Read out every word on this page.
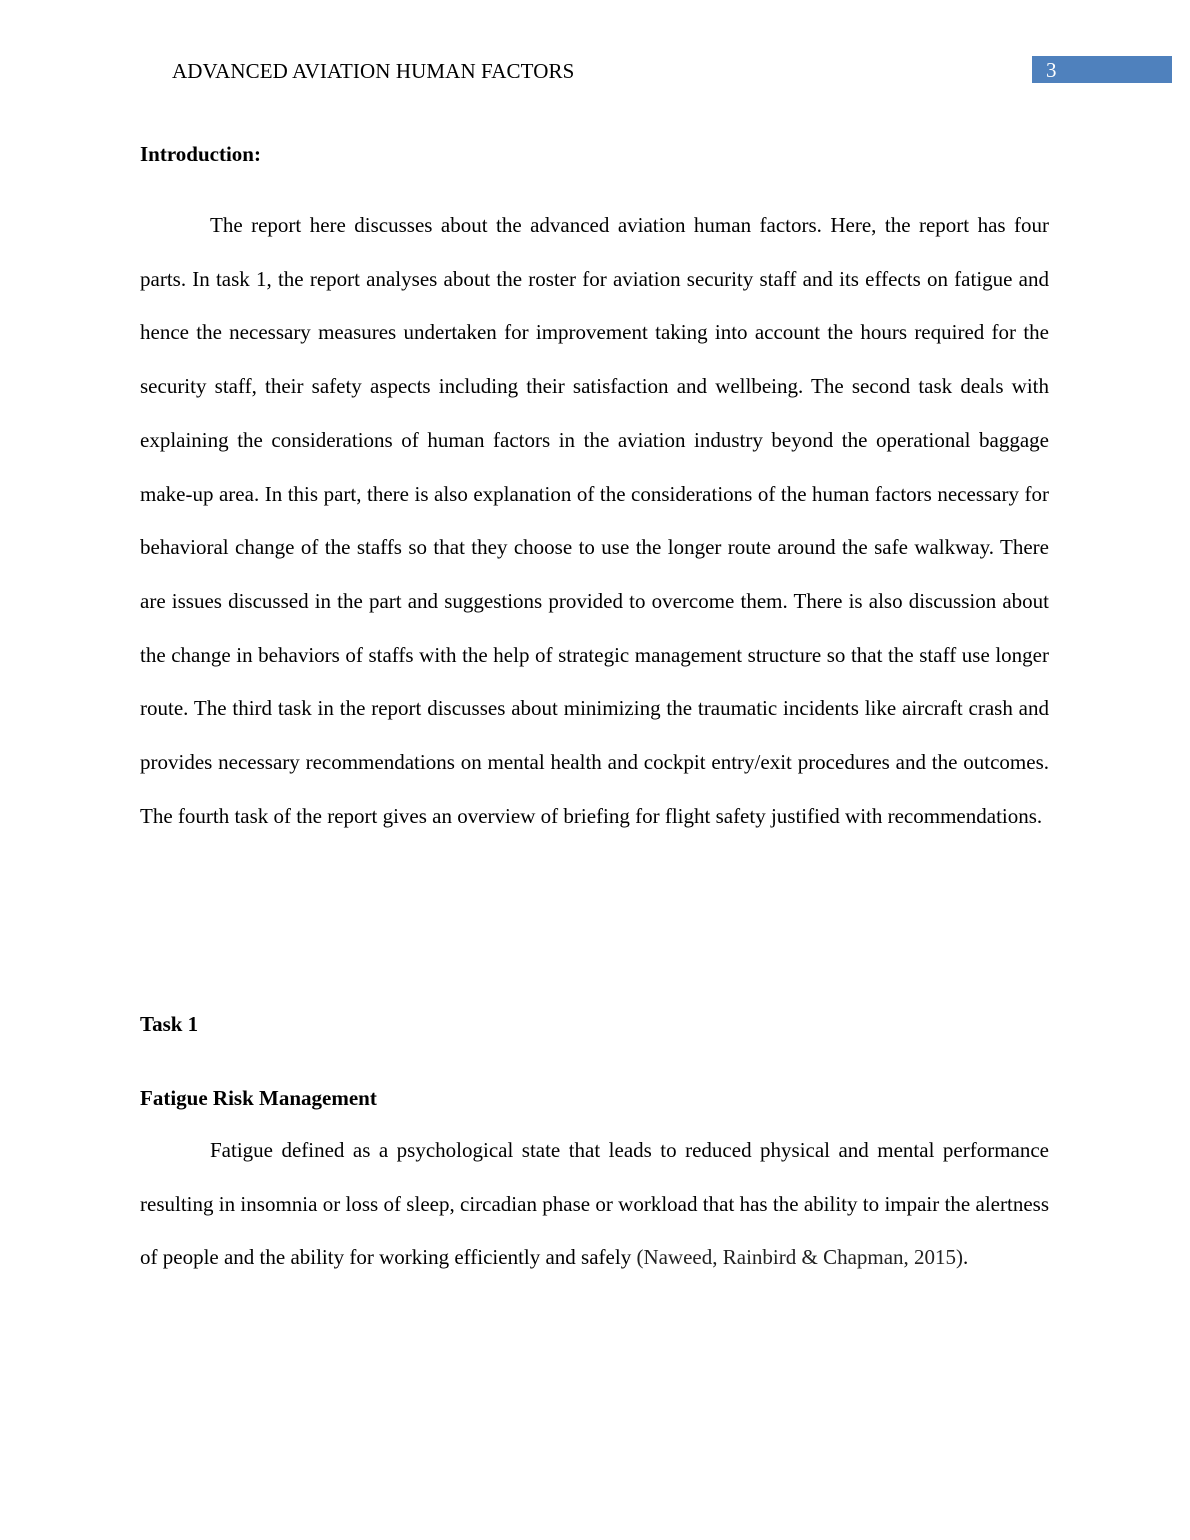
ADVANCED AVIATION HUMAN FACTORS	3
Introduction:

The report here discusses about the advanced aviation human factors. Here, the report has four parts. In task 1, the report analyses about the roster for aviation security staff and its effects on fatigue and hence the necessary measures undertaken for improvement taking into account the hours required for the security staff, their safety aspects including their satisfaction and wellbeing. The second task deals with explaining the considerations of human factors in the aviation industry beyond the operational baggage make-up area. In this part, there is also explanation of the considerations of the human factors necessary for behavioral change of the staffs so that they choose to use the longer route around the safe walkway. There are issues discussed in the part and suggestions provided to overcome them. There is also discussion about the change in behaviors of staffs with the help of strategic management structure so that the staff use longer route. The third task in the report discusses about minimizing the traumatic incidents like aircraft crash and provides necessary recommendations on mental health and cockpit entry/exit procedures and the outcomes. The fourth task of the report gives an overview of briefing for flight safety justified with recommendations.

Task 1
Fatigue Risk Management

Fatigue defined as a psychological state that leads to reduced physical and mental performance resulting in insomnia or loss of sleep, circadian phase or workload that has the ability to impair the alertness of people and the ability for working efficiently and safely (Naweed, Rainbird & Chapman, 2015).
